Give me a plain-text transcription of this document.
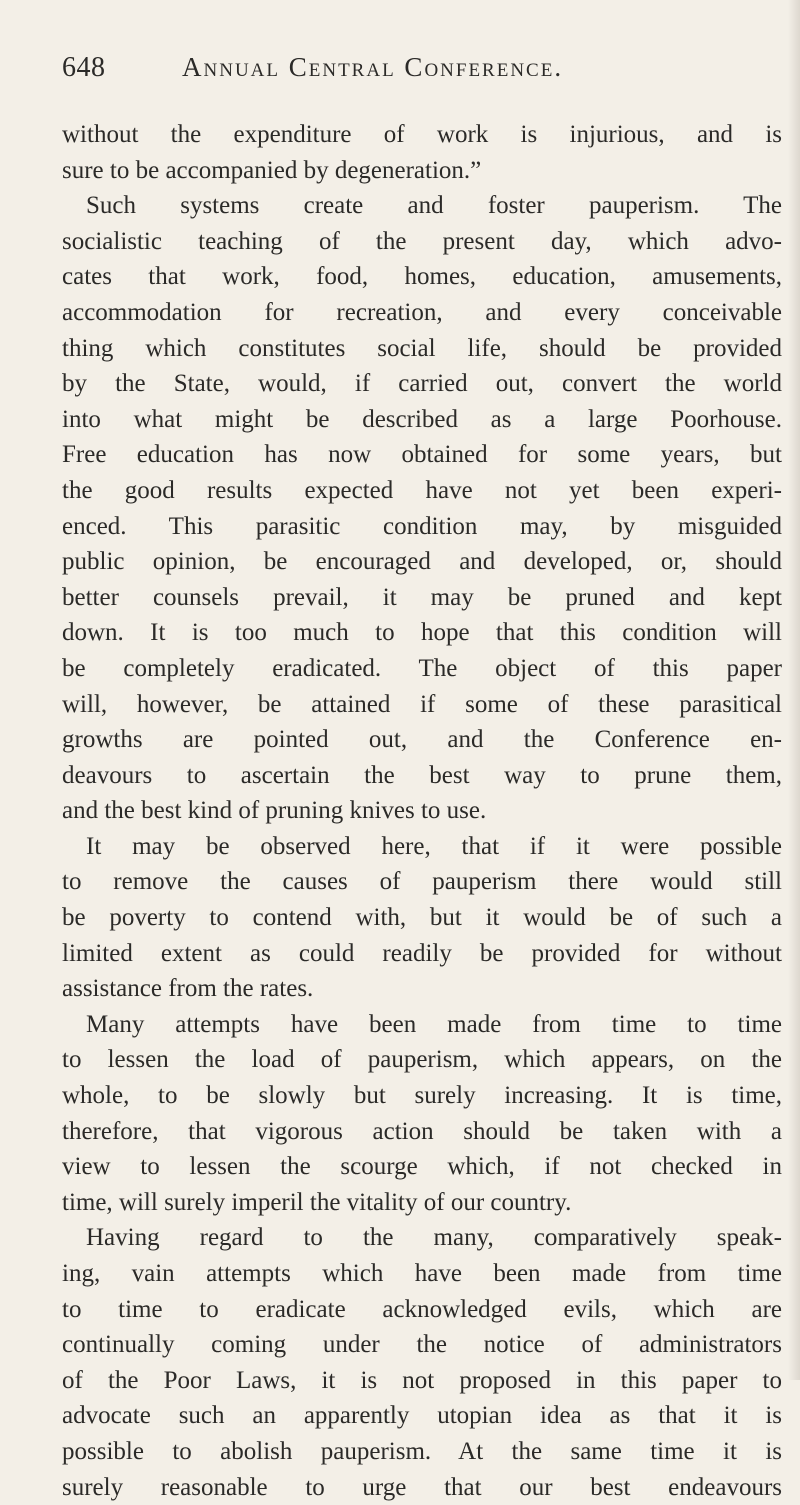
648	Annual Central Conference.
without the expenditure of work is injurious, and is
sure to be accompanied by degeneration.”
Such systems create and foster pauperism. The
socialistic teaching of the present day, which advo-
cates that work, food, homes, education, amusements,
accommodation for recreation, and every conceivable
thing which constitutes social life, should be provided
by the State, would, if carried out, convert the world
into what might be described as a large Poorhouse.
Free education has now obtained for some years, but
the good results expected have not yet been experi-
enced. This parasitic condition may, by misguided
public opinion, be encouraged and developed, or, should
better counsels prevail, it may be pruned and kept
down. It is too much to hope that this condition will
be completely eradicated. The object of this paper
will, however, be attained if some of these parasitical
growths are pointed out, and the Conference en-
deavours to ascertain the best way to prune them,
and the best kind of pruning knives to use.
It may be observed here, that if it were possible
to remove the causes of pauperism there would still
be poverty to contend with, but it would be of such a
limited extent as could readily be provided for without
assistance from the rates.
Many attempts have been made from time to time
to lessen the load of pauperism, which appears, on the
whole, to be slowly but surely increasing. It is time,
therefore, that vigorous action should be taken with a
view to lessen the scourge which, if not checked in
time, will surely imperil the vitality of our country.
Having regard to the many, comparatively speak-
ing, vain attempts which have been made from time
to time to eradicate acknowledged evils, which are
continually coming under the notice of administrators
of the Poor Laws, it is not proposed in this paper to
advocate such an apparently utopian idea as that it is
possible to abolish pauperism. At the same time it is
surely reasonable to urge that our best endeavours
